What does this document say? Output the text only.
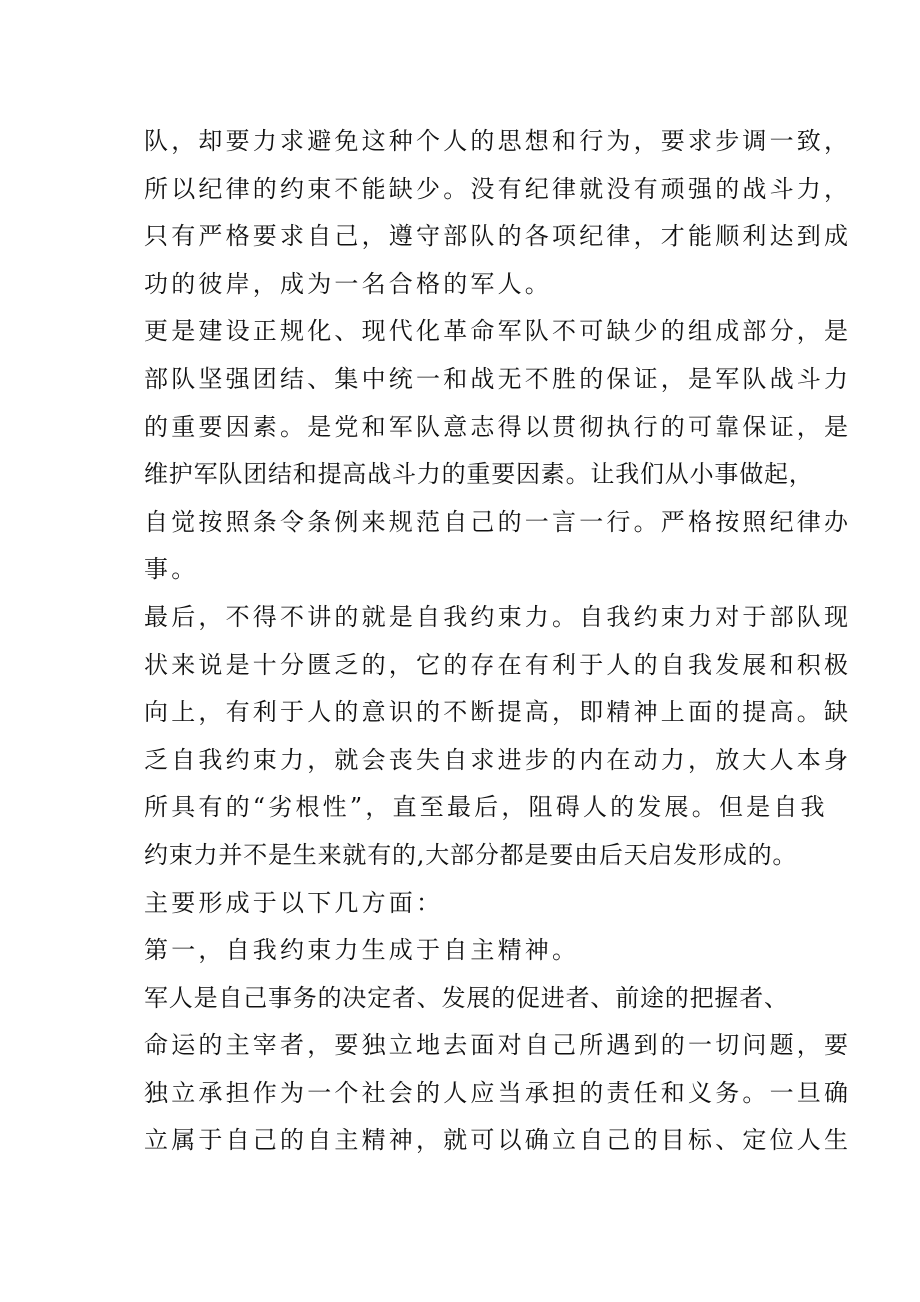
队，却要力求避免这种个人的思想和行为，要求步调一致，
所以纪律的约束不能缺少。没有纪律就没有顽强的战斗力，
只有严格要求自己，遵守部队的各项纪律，才能顺利达到成
功的彼岸，成为一名合格的军人。
更是建设正规化、现代化革命军队不可缺少的组成部分，是
部队坚强团结、集中统一和战无不胜的保证，是军队战斗力
的重要因素。是党和军队意志得以贯彻执行的可靠保证，是
维护军队团结和提高战斗力的重要因素。让我们从小事做起，
自觉按照条令条例来规范自己的一言一行。严格按照纪律办
事。
最后，不得不讲的就是自我约束力。自我约束力对于部队现
状来说是十分匮乏的，它的存在有利于人的自我发展和积极
向上，有利于人的意识的不断提高，即精神上面的提高。缺
乏自我约束力，就会丧失自求进步的内在动力，放大人本身
所具有的“劣根性”，直至最后，阻碍人的发展。但是自我
约束力并不是生来就有的,大部分都是要由后天启发形成的。
主要形成于以下几方面：
第一，自我约束力生成于自主精神。
军人是自己事务的决定者、发展的促进者、前途的把握者、
命运的主宰者，要独立地去面对自己所遇到的一切问题，要
独立承担作为一个社会的人应当承担的责任和义务。一旦确
立属于自己的自主精神，就可以确立自己的目标、定位人生
